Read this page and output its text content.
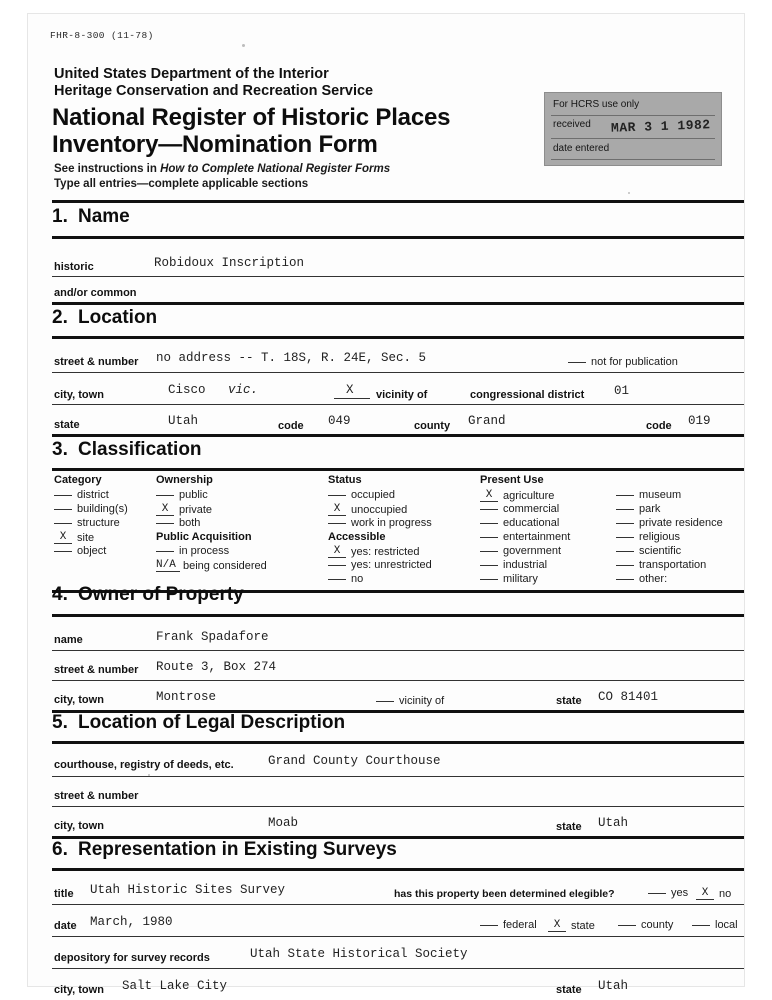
FHR-8-300 (11-78)
United States Department of the Interior
Heritage Conservation and Recreation Service
National Register of Historic Places
Inventory—Nomination Form
See instructions in How to Complete National Register Forms
Type all entries—complete applicable sections
For HCRS use only
received MAR 3 1 1982
date entered
1. Name
historic	Robidoux Inscription
and/or common
2. Location
street & number no address -- T. 18S, R. 24E, Sec. 5	not for publication
city, town	Cisco vic.	X vicinity of	congressional district 01
state	Utah	code 049	county Grand	code 019
3. Classification
Category
district
building(s)
structure
X site
object
Ownership
public
X private
both
Public Acquisition
in process
N/A being considered
Status
occupied
X unoccupied
work in progress
Accessible
X yes: restricted
yes: unrestricted
no
Present Use
X agriculture
commercial
educational
entertainment
government
industrial
military
museum
park
private residence
religious
scientific
transportation
other:
4. Owner of Property
name	Frank Spadafore
street & number Route 3, Box 274
city, town	Montrose	vicinity of	state CO 81401
5. Location of Legal Description
courthouse, registry of deeds, etc.	Grand County Courthouse
street & number
city, town	Moab	state Utah
6. Representation in Existing Surveys
title Utah Historic Sites Survey	has this property been determined elegible?	yes	X no
date March, 1980	federal	X state	county	local
depository for survey records	Utah State Historical Society
city, town Salt Lake City	state Utah
